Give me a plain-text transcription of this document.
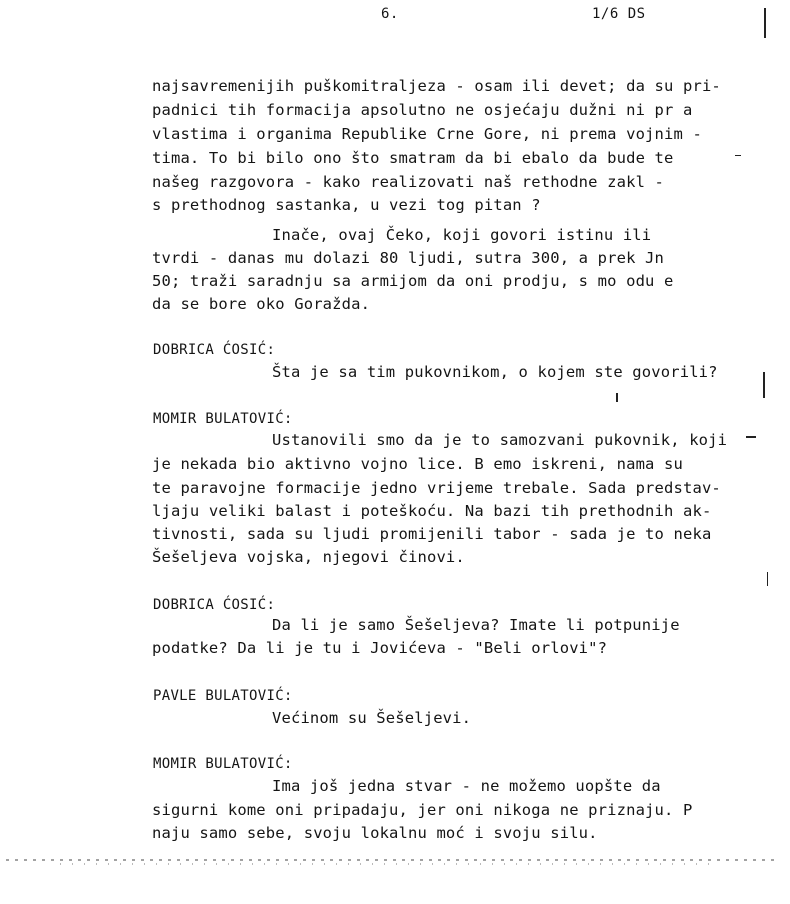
6.	1/6 DS
najsavremenijih puškomitraljeza - osam ili devet; da su pri-
padnici tih formacija apsolutno ne osjećaju dužni ni pr a
vlastima i organima Republike Crne Gore, ni prema vojnim -
tima. To bi bilo ono što smatram da bi ebalo da bude te
našeg razgovora - kako realizovati naš rethodne zakl -
s prethodnog sastanka, u vezi tog pitan ?
Inače, ovaj Čeko, koji govori istinu ili
tvrdi - danas mu dolazi 80 ljudi, sutra 300, a prek Jn
50; traži saradnju sa armijom da oni prodju, s mo odu e
da se bore oko Goražda.
DOBRICA ĆOSIĆ:
Šta je sa tim pukovnikom, o kojem ste govorili?
MOMIR BULATOVIĆ:
Ustanovili smo da je to samozvani pukovnik, koji
je nekada bio aktivno vojno lice. B emo iskreni, nama su
te paravojne formacije jedno vrijeme trebale. Sada predstav-
ljaju veliki balast i poteškoću. Na bazi tih prethodnih ak-
tivnosti, sada su ljudi promijenili tabor - sada je to neka
Šešeljeva vojska, njegovi činovi.
DOBRICA ĆOSIĆ:
Da li je samo Šešeljeva? Imate li potpunije
podatke? Da li je tu i Jovićeva - "Beli orlovi"?
PAVLE BULATOVIĆ:
Većinom su Šešeljevi.
MOMIR BULATOVIĆ:
Ima još jedna stvar - ne možemo uopšte da
sigurni kome oni pripadaju, jer oni nikoga ne priznaju. P
naju samo sebe, svoju lokalnu moć i svoju silu.
